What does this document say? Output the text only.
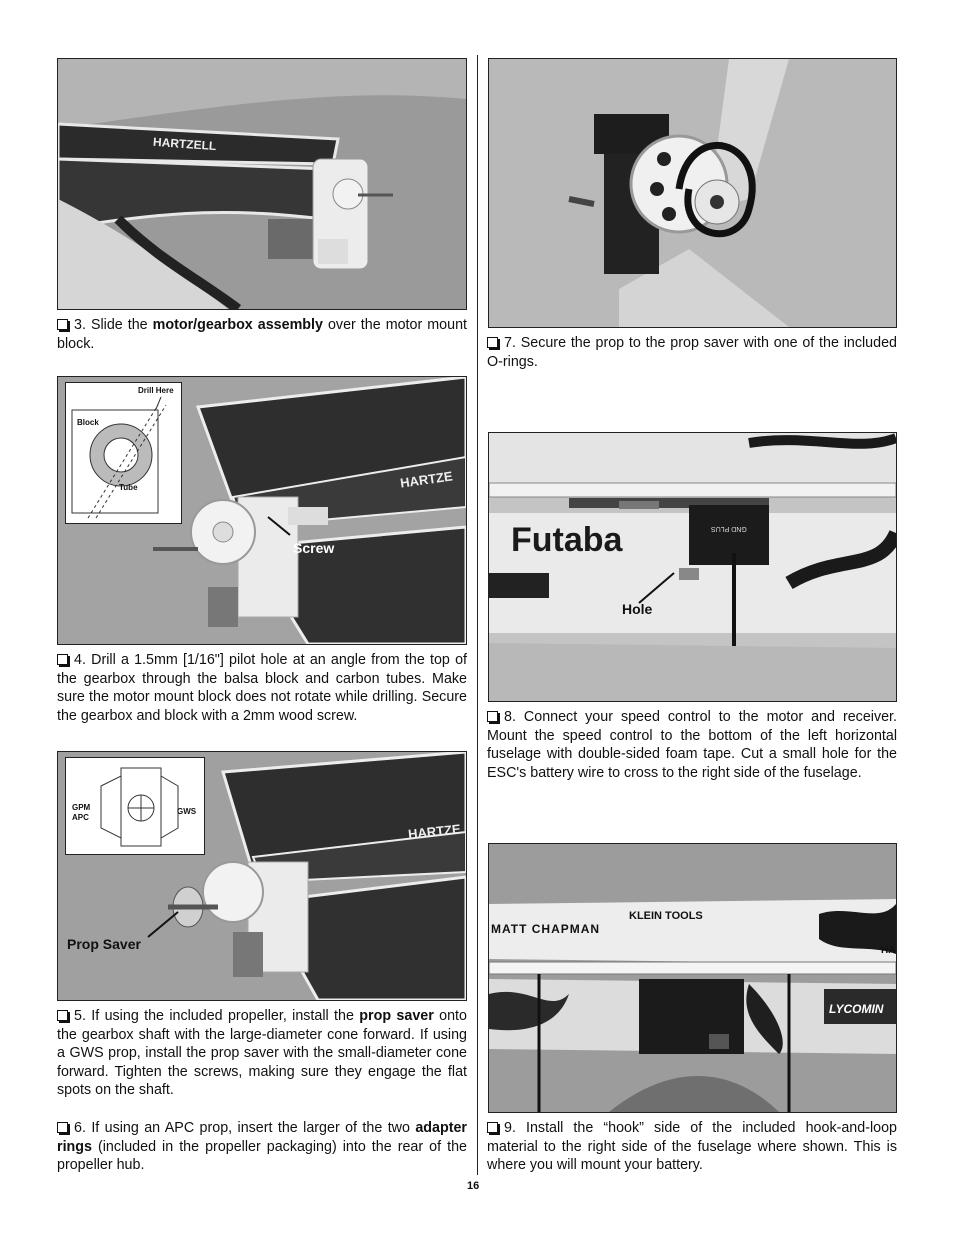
HARTZELL
3. Slide the motor/gearbox assembly over the motor mount block.
HARTZE
Screw
Drill Here
Block
Tube
4. Drill a 1.5mm [1/16"] pilot hole at an angle from the top of the gearbox through the balsa block and carbon tubes. Make sure the motor mount block does not rotate while drilling. Secure the gearbox and block with a 2mm wood screw.
HARTZE
Prop Saver
GPM
APC
GWS
5. If using the included propeller, install the prop saver onto the gearbox shaft with the large-diameter cone forward. If using a GWS prop, install the prop saver with the small-diameter cone forward. Tighten the screws, making sure they engage the flat spots on the shaft.
6. If using an APC prop, insert the larger of the two adapter rings (included in the propeller packaging) into the rear of the propeller hub.
7. Secure the prop to the prop saver with one of the included O-rings.
Futaba	GND PLUS
Hole
8. Connect your speed control to the motor and receiver. Mount the speed control to the bottom of the left horizontal fuselage with double-sided foam tape. Cut a small hole for the ESC's battery wire to cross to the right side of the fuselage.
MATT CHAPMAN
KLEIN TOOLS
LYCOMIN
HA
9. Install the “hook” side of the included hook-and-loop material to the right side of the fuselage where shown. This is where you will mount your battery.
16
